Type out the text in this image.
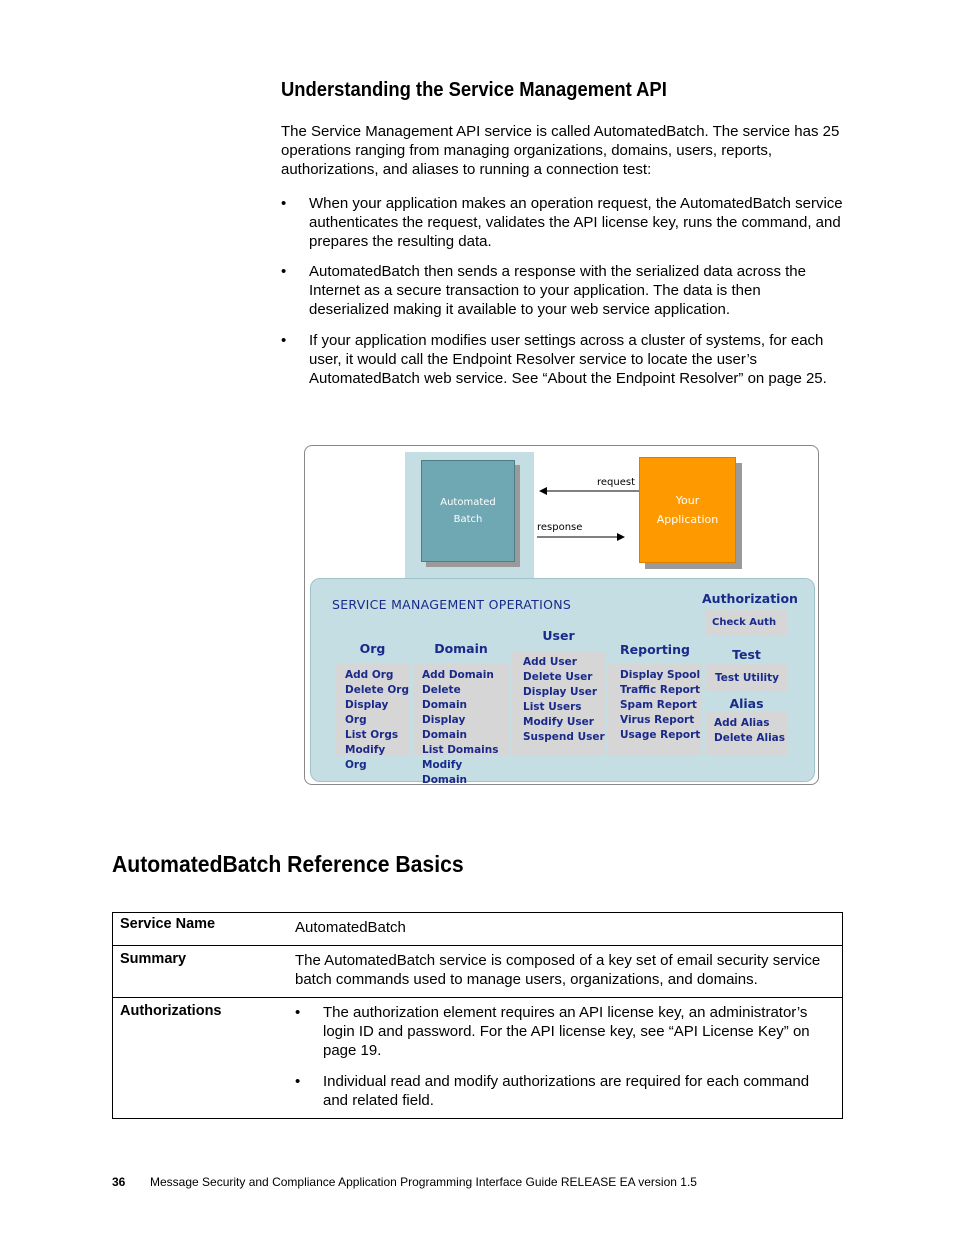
Understanding the Service Management API
The Service Management API service is called AutomatedBatch. The service has 25 operations ranging from managing organizations, domains, users, reports, authorizations, and aliases to running a connection test:
• When your application makes an operation request, the AutomatedBatch service authenticates the request, validates the API license key, runs the command, and prepares the resulting data.
• AutomatedBatch then sends a response with the serialized data across the Internet as a secure transaction to your application. The data is then deserialized making it available to your web service application.
• If your application modifies user settings across a cluster of systems, for each user, it would call the Endpoint Resolver service to locate the user’s AutomatedBatch web service. See “About the Endpoint Resolver” on page 25.
Automated
Batch
Your
Application
request
response
SERVICE MANAGEMENT OPERATIONS
Org
Add Org
Delete Org
Display Org
List Orgs
Modify Org
Domain
Add Domain
Delete Domain
Display Domain
List Domains
Modify Domain
User
Add User
Delete User
Display User
List Users
Modify User
Suspend User
Reporting
Display Spool
Traffic Report
Spam Report
Virus Report
Usage Report
Authorization
Check Auth
Test
Test Utility
Alias
Add Alias
Delete Alias
AutomatedBatch Reference Basics
Service Name	AutomatedBatch
Summary	The AutomatedBatch service is composed of a key set of email security service batch commands used to manage users, organizations, and domains.
Authorizations	• The authorization element requires an API license key, an administrator’s login ID and password. For the API license key, see “API License Key” on page 19.
• Individual read and modify authorizations are required for each command and related field.
36 Message Security and Compliance Application Programming Interface Guide RELEASE EA version 1.5
